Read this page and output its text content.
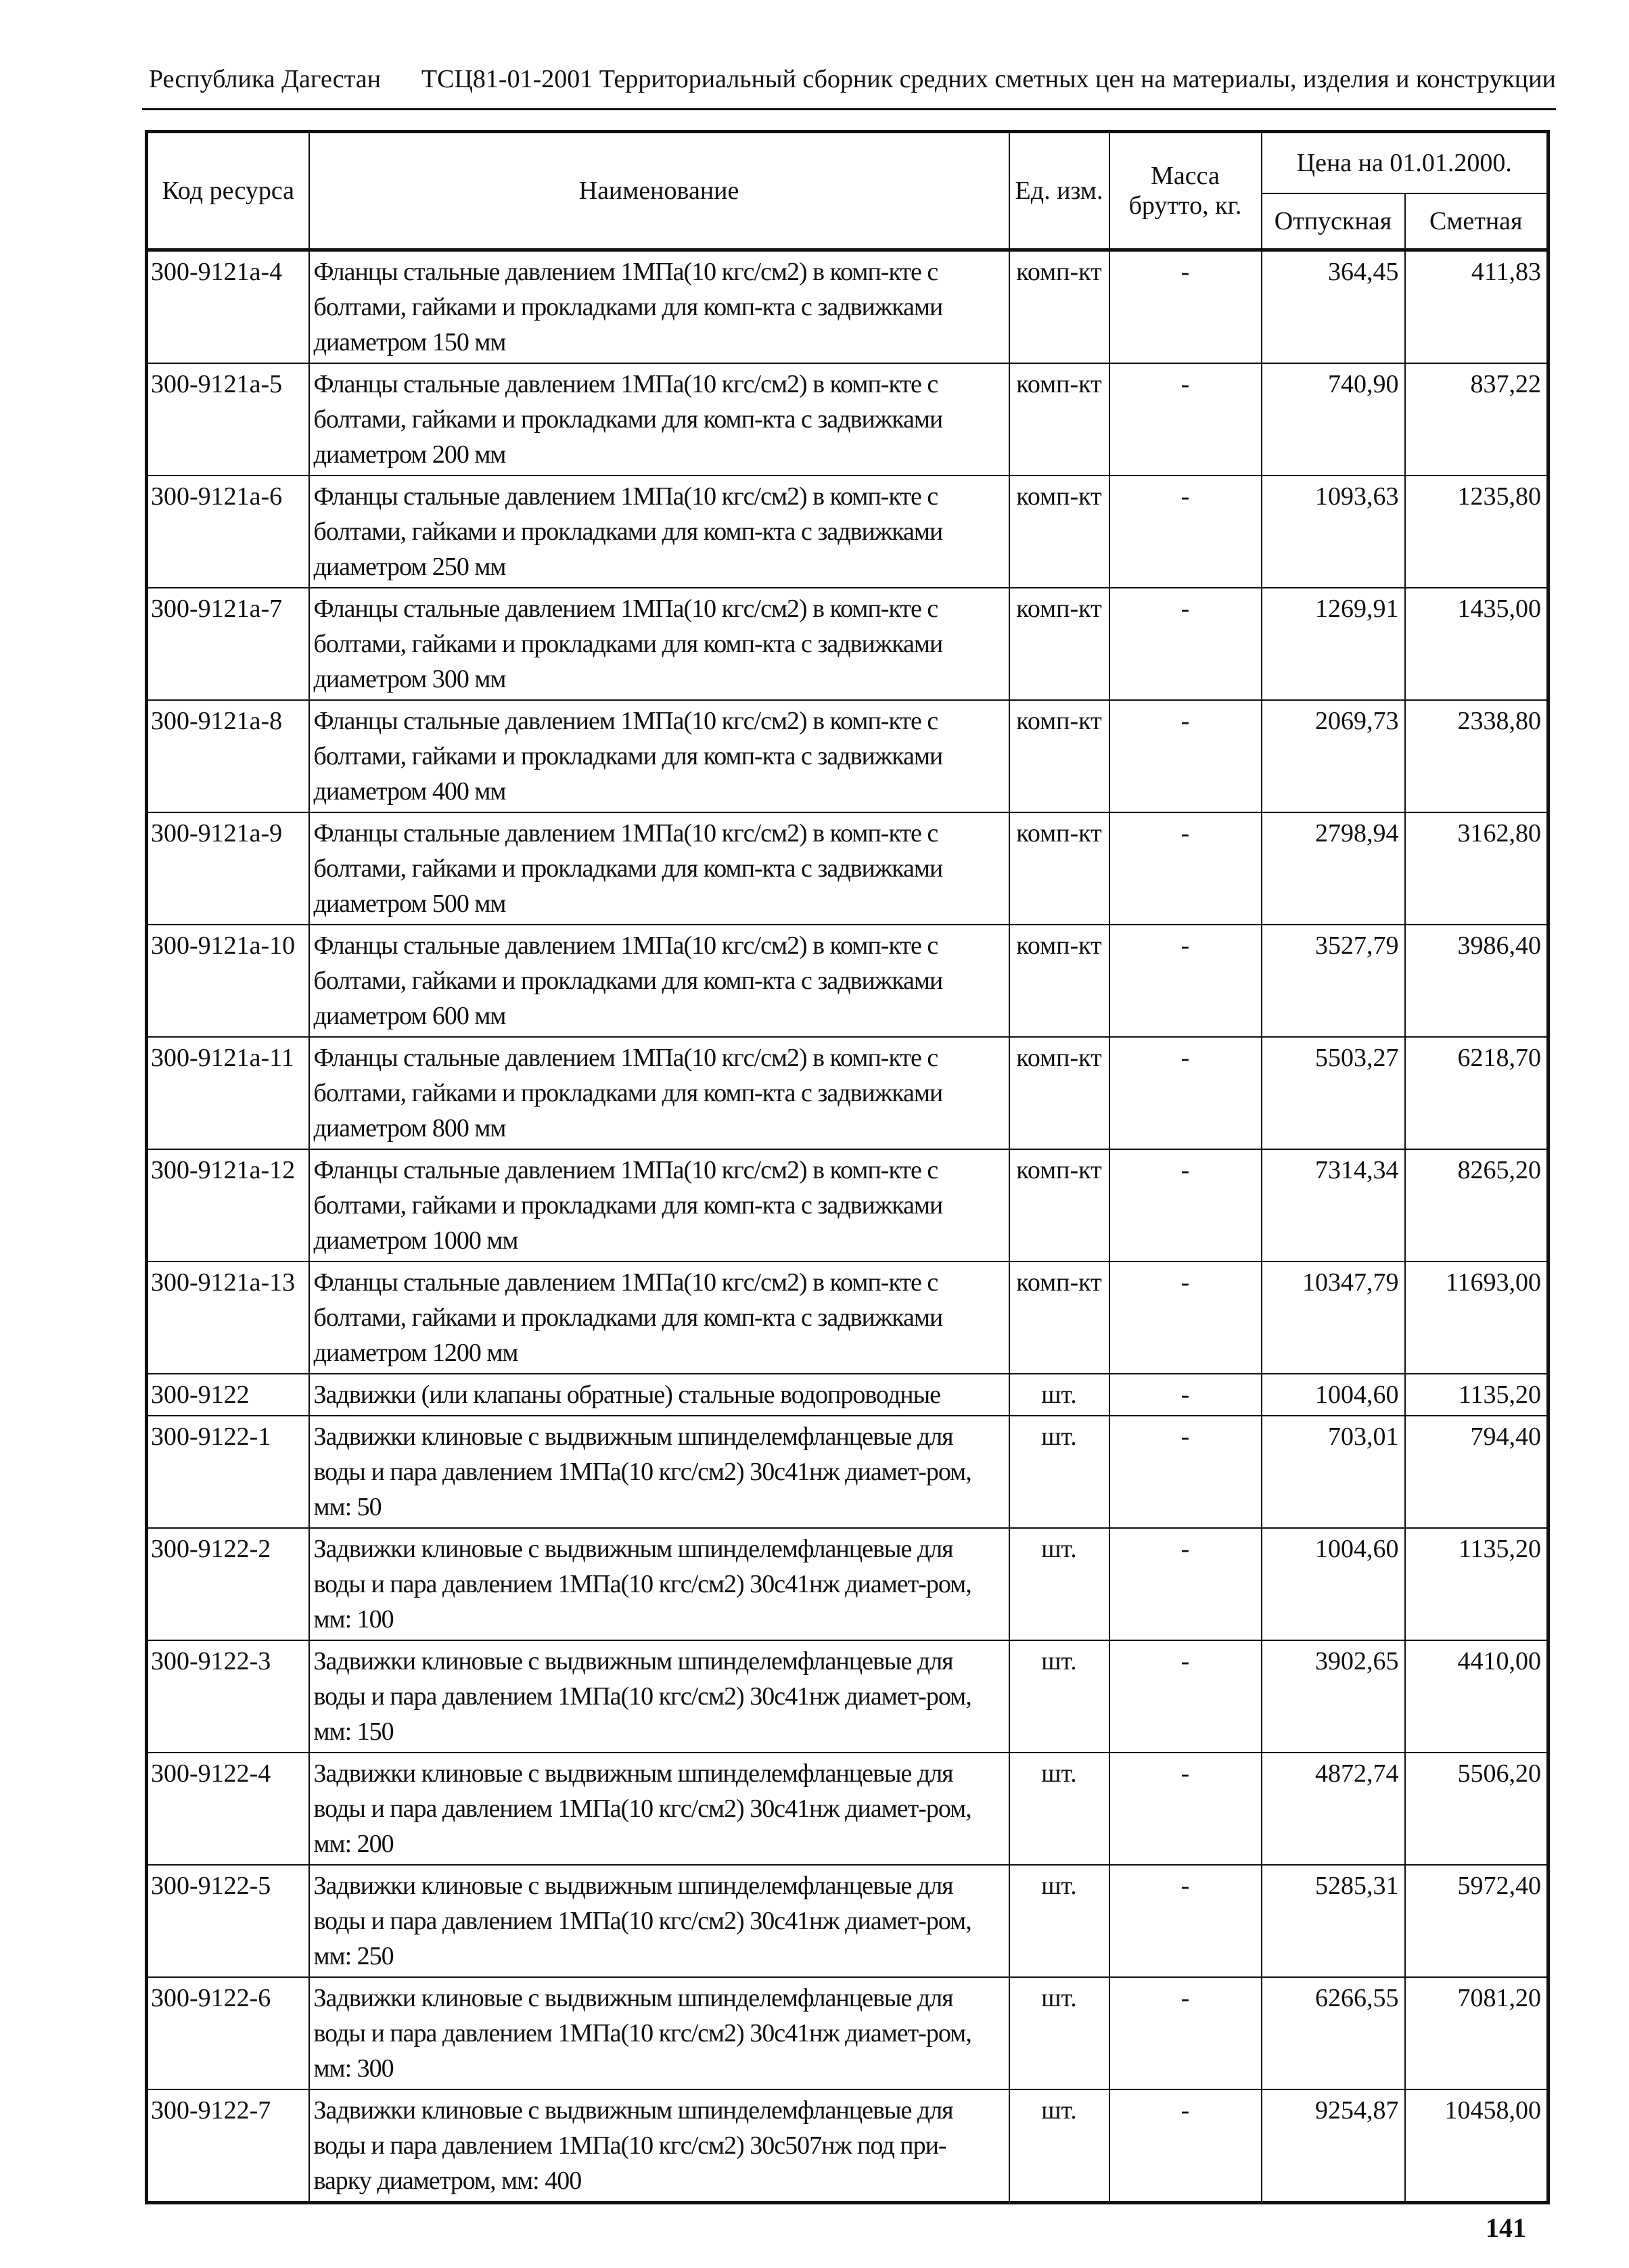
Республика Дагестан ТСЦ81-01-2001 Территориальный сборник средних сметных цен на материалы, изделия и конструкции
Код ресурса	Наименование	Ед. изм.	Масса брутто, кг.	Цена на 01.01.2000.	
				Отпускная	Сметная
300-9121а-4	Фланцы стальные давлением 1МПа(10 кгс/см2) в комп-кте с болтами, гайками и прокладками для комп-кта с задвижками диаметром 150 мм	комп-кт	-	364,45	411,83
300-9121а-5	Фланцы стальные давлением 1МПа(10 кгс/см2) в комп-кте с болтами, гайками и прокладками для комп-кта с задвижками диаметром 200 мм	комп-кт	-	740,90	837,22
300-9121а-6	Фланцы стальные давлением 1МПа(10 кгс/см2) в комп-кте с болтами, гайками и прокладками для комп-кта с задвижками диаметром 250 мм	комп-кт	-	1093,63	1235,80
300-9121а-7	Фланцы стальные давлением 1МПа(10 кгс/см2) в комп-кте с болтами, гайками и прокладками для комп-кта с задвижками диаметром 300 мм	комп-кт	-	1269,91	1435,00
300-9121а-8	Фланцы стальные давлением 1МПа(10 кгс/см2) в комп-кте с болтами, гайками и прокладками для комп-кта с задвижками диаметром 400 мм	комп-кт	-	2069,73	2338,80
300-9121а-9	Фланцы стальные давлением 1МПа(10 кгс/см2) в комп-кте с болтами, гайками и прокладками для комп-кта с задвижками диаметром 500 мм	комп-кт	-	2798,94	3162,80
300-9121а-10	Фланцы стальные давлением 1МПа(10 кгс/см2) в комп-кте с болтами, гайками и прокладками для комп-кта с задвижками диаметром 600 мм	комп-кт	-	3527,79	3986,40
300-9121а-11	Фланцы стальные давлением 1МПа(10 кгс/см2) в комп-кте с болтами, гайками и прокладками для комп-кта с задвижками диаметром 800 мм	комп-кт	-	5503,27	6218,70
300-9121а-12	Фланцы стальные давлением 1МПа(10 кгс/см2) в комп-кте с болтами, гайками и прокладками для комп-кта с задвижками диаметром 1000 мм	комп-кт	-	7314,34	8265,20
300-9121а-13	Фланцы стальные давлением 1МПа(10 кгс/см2) в комп-кте с болтами, гайками и прокладками для комп-кта с задвижками диаметром 1200 мм	комп-кт	-	10347,79	11693,00
300-9122	Задвижки (или клапаны обратные) стальные водопроводные	шт.	-	1004,60	1135,20
300-9122-1	Задвижки клиновые с выдвижным шпинделемфланцевые для воды и пара давлением 1МПа(10 кгс/см2) 30с41нж диамет-ром, мм: 50	шт.	-	703,01	794,40
300-9122-2	Задвижки клиновые с выдвижным шпинделемфланцевые для воды и пара давлением 1МПа(10 кгс/см2) 30с41нж диамет-ром, мм: 100	шт.	-	1004,60	1135,20
300-9122-3	Задвижки клиновые с выдвижным шпинделемфланцевые для воды и пара давлением 1МПа(10 кгс/см2) 30с41нж диамет-ром, мм: 150	шт.	-	3902,65	4410,00
300-9122-4	Задвижки клиновые с выдвижным шпинделемфланцевые для воды и пара давлением 1МПа(10 кгс/см2) 30с41нж диамет-ром, мм: 200	шт.	-	4872,74	5506,20
300-9122-5	Задвижки клиновые с выдвижным шпинделемфланцевые для воды и пара давлением 1МПа(10 кгс/см2) 30с41нж диамет-ром, мм: 250	шт.	-	5285,31	5972,40
300-9122-6	Задвижки клиновые с выдвижным шпинделемфланцевые для воды и пара давлением 1МПа(10 кгс/см2) 30с41нж диамет-ром, мм: 300	шт.	-	6266,55	7081,20
300-9122-7	Задвижки клиновые с выдвижным шпинделемфланцевые для воды и пара давлением 1МПа(10 кгс/см2) 30с507нж под при-варку диаметром, мм: 400	шт.	-	9254,87	10458,00
141
